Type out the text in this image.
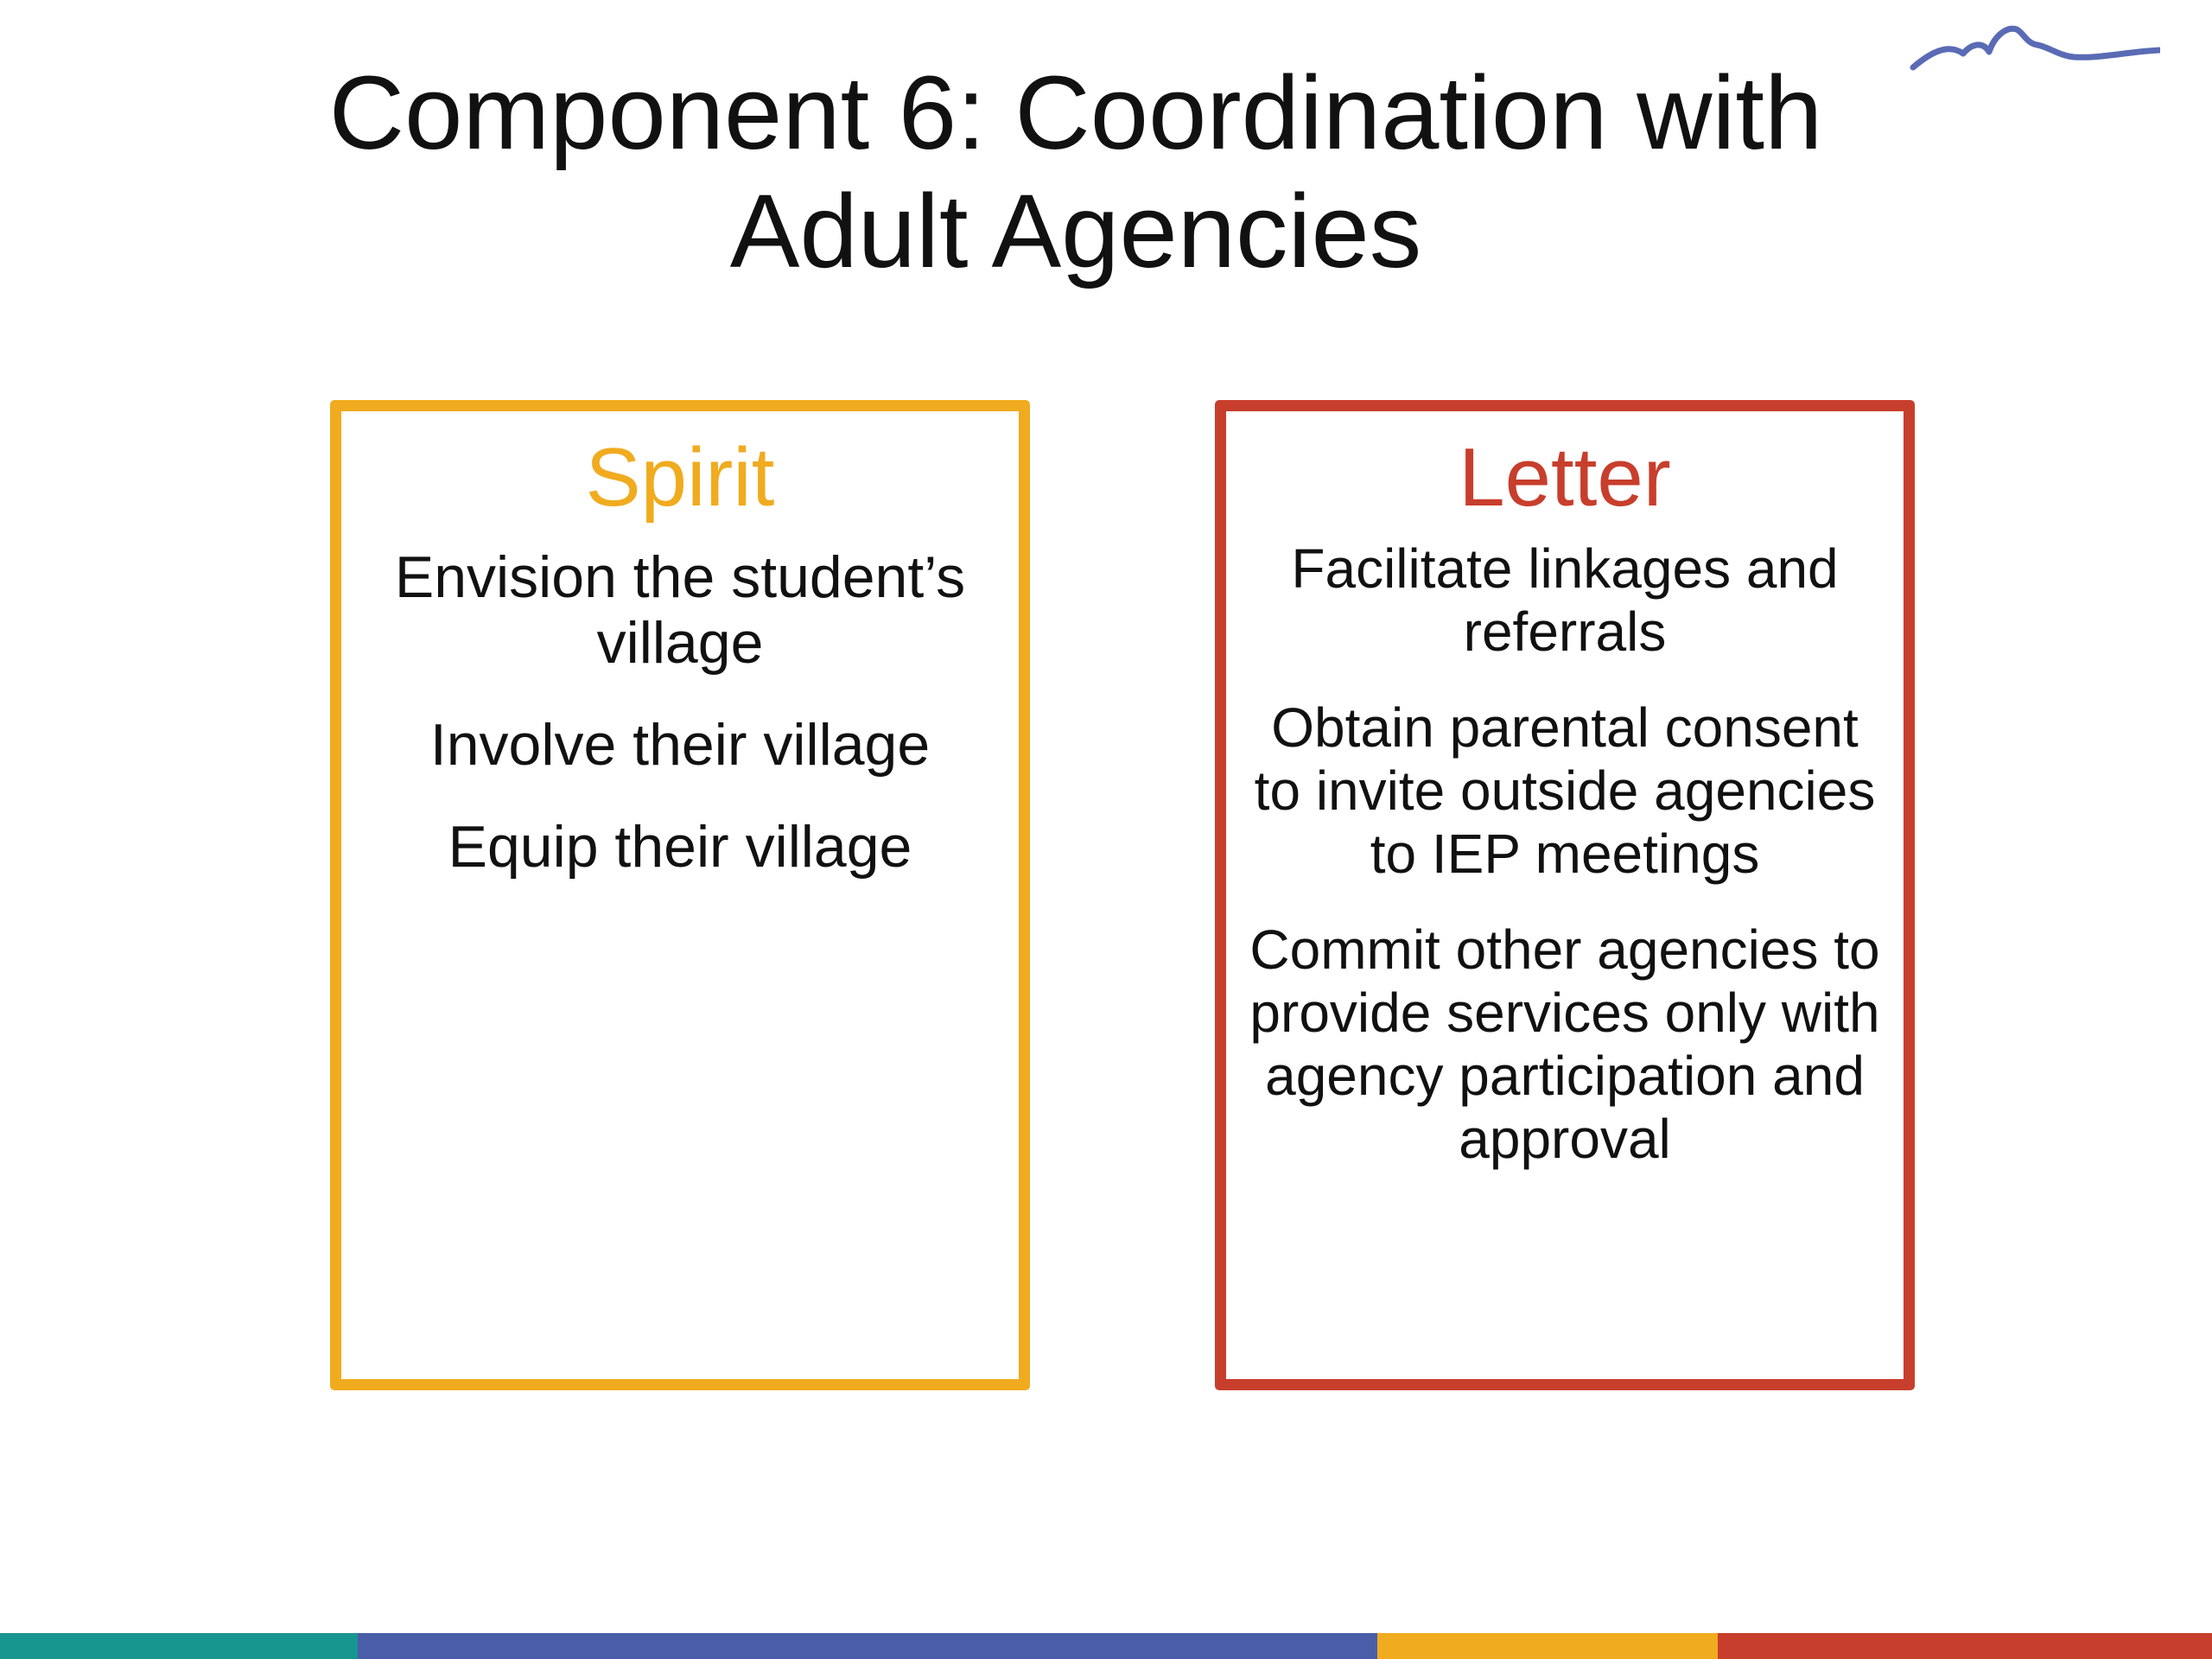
Component 6: Coordination with
Adult Agencies
Spirit
Envision the student’s village
Involve their village
Equip their village
Letter
Facilitate linkages and referrals
Obtain parental consent to invite outside agencies to IEP meetings
Commit other agencies to provide services only with agency participation and approval
